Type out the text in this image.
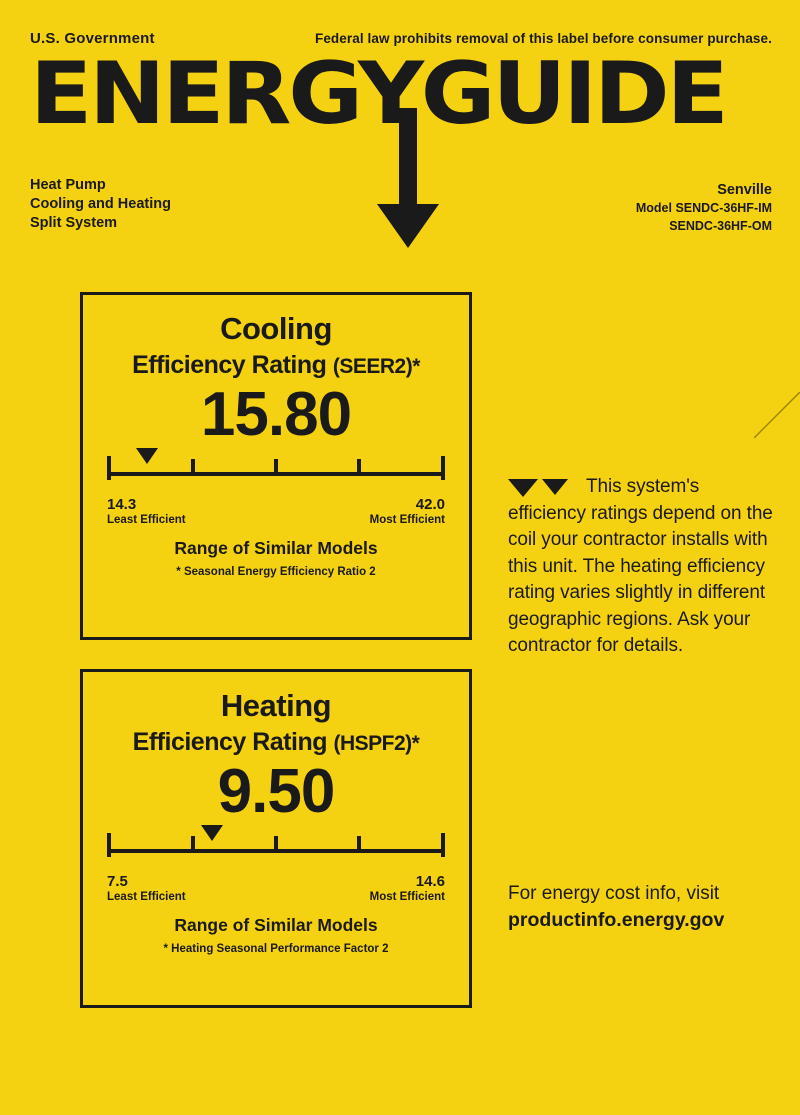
U.S. Government	Federal law prohibits removal of this label before consumer purchase.
ENERGYGUIDE
Heat Pump
Cooling and Heating
Split System
Senville
Model SENDC-36HF-IM
SENDC-36HF-OM
Cooling
Efficiency Rating (SEER2)*
15.80
14.3
Least Efficient
42.0
Most Efficient
Range of Similar Models
* Seasonal Energy Efficiency Ratio 2
Heating
Efficiency Rating (HSPF2)*
9.50
7.5
Least Efficient
14.6
Most Efficient
Range of Similar Models
* Heating Seasonal Performance Factor 2
This system's efficiency ratings depend on the coil your contractor installs with this unit. The heating efficiency rating varies slightly in different geographic regions. Ask your contractor for details.
For energy cost info, visit
productinfo.energy.gov
